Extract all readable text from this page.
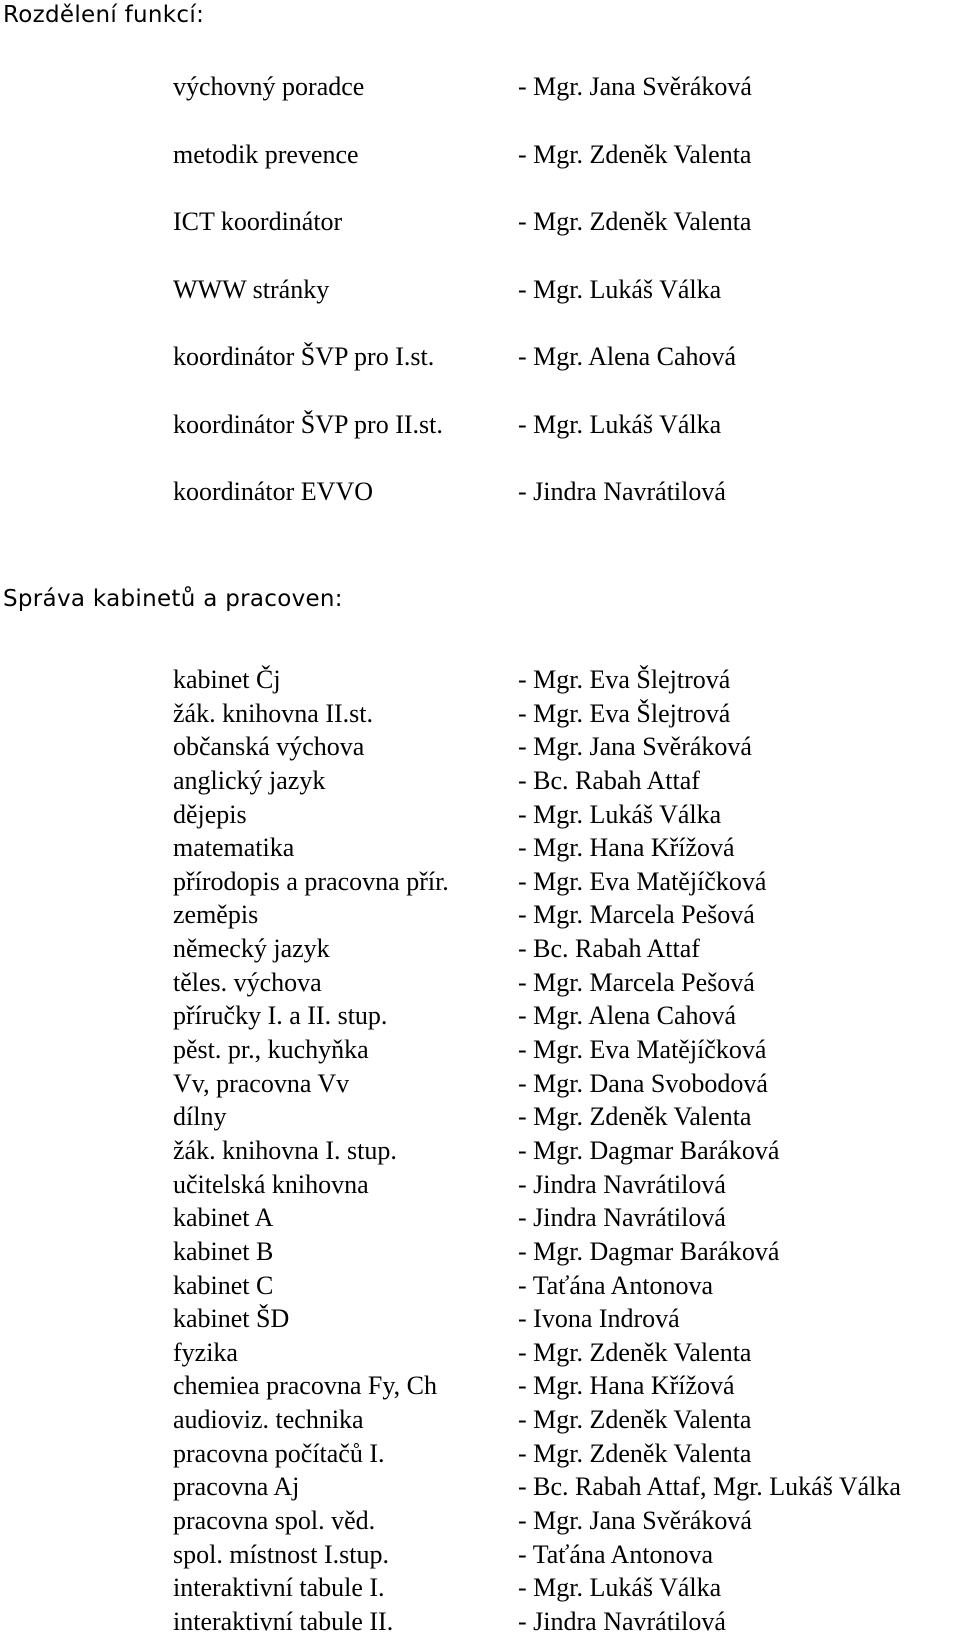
Rozdělení funkcí:
výchovný poradce	- Mgr. Jana Svěráková
metodik prevence	- Mgr. Zdeněk Valenta
ICT koordinátor	- Mgr. Zdeněk Valenta
WWW stránky	- Mgr. Lukáš Válka
koordinátor ŠVP pro I.st.	- Mgr. Alena Cahová
koordinátor ŠVP pro II.st.	- Mgr. Lukáš Válka
koordinátor EVVO	- Jindra Navrátilová
Správa kabinetů a pracoven:
kabinet Čj	- Mgr. Eva Šlejtrová
žák. knihovna II.st.	- Mgr. Eva Šlejtrová
občanská výchova	- Mgr. Jana Svěráková
anglický jazyk	- Bc. Rabah Attaf
dějepis	- Mgr. Lukáš Válka
matematika	- Mgr. Hana Křížová
přírodopis a pracovna přír.	- Mgr. Eva Matějíčková
zeměpis	- Mgr. Marcela Pešová
německý jazyk	- Bc. Rabah Attaf
těles. výchova	- Mgr. Marcela Pešová
příručky I. a II. stup.	- Mgr. Alena Cahová
pěst. pr., kuchyňka	- Mgr. Eva Matějíčková
Vv, pracovna Vv	- Mgr. Dana Svobodová
dílny	- Mgr. Zdeněk Valenta
žák. knihovna I. stup.	- Mgr. Dagmar Baráková
učitelská knihovna	- Jindra Navrátilová
kabinet A	- Jindra Navrátilová
kabinet B	- Mgr. Dagmar Baráková
kabinet C	- Taťána Antonova
kabinet ŠD	- Ivona Indrová
fyzika	- Mgr. Zdeněk Valenta
chemiea pracovna Fy, Ch	- Mgr. Hana Křížová
audioviz. technika	- Mgr. Zdeněk Valenta
pracovna počítačů I.	- Mgr. Zdeněk Valenta
pracovna Aj	- Bc. Rabah Attaf, Mgr. Lukáš Válka
pracovna spol. věd.	- Mgr. Jana Svěráková
spol. místnost I.stup.	- Taťána Antonova
interaktivní tabule I.	- Mgr. Lukáš Válka
interaktivní tabule II.	- Jindra Navrátilová
